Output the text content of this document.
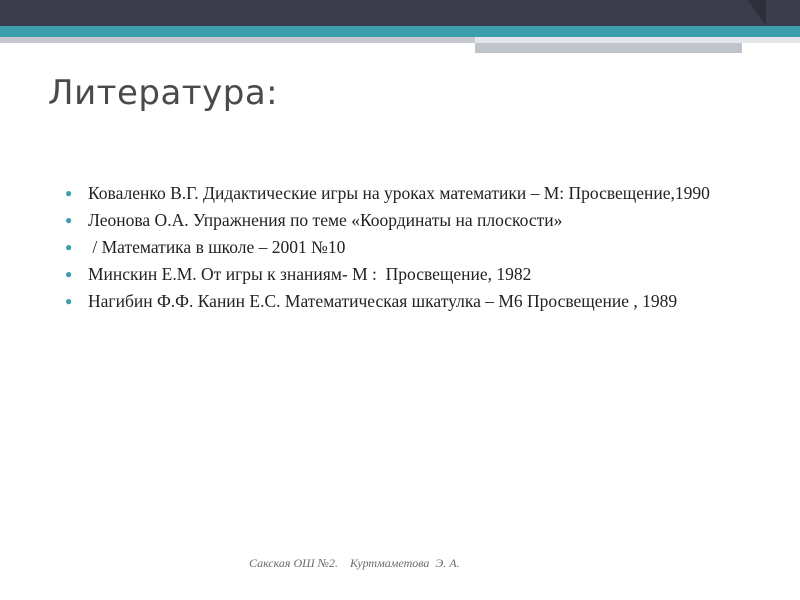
Литература:
● Коваленко В.Г. Дидактические игры на уроках математики – М: Просвещение,1990
● Леонова О.А. Упражнения по теме «Координаты на плоскости»
● / Математика в школе – 2001 №10
● Минскин Е.М. От игры к знаниям- М :  Просвещение, 1982
● Нагибин Ф.Ф. Канин Е.С. Математическая шкатулка – М6 Просвещение , 1989
Сакская ОШ №2.    Куртмаметова  Э. А.
